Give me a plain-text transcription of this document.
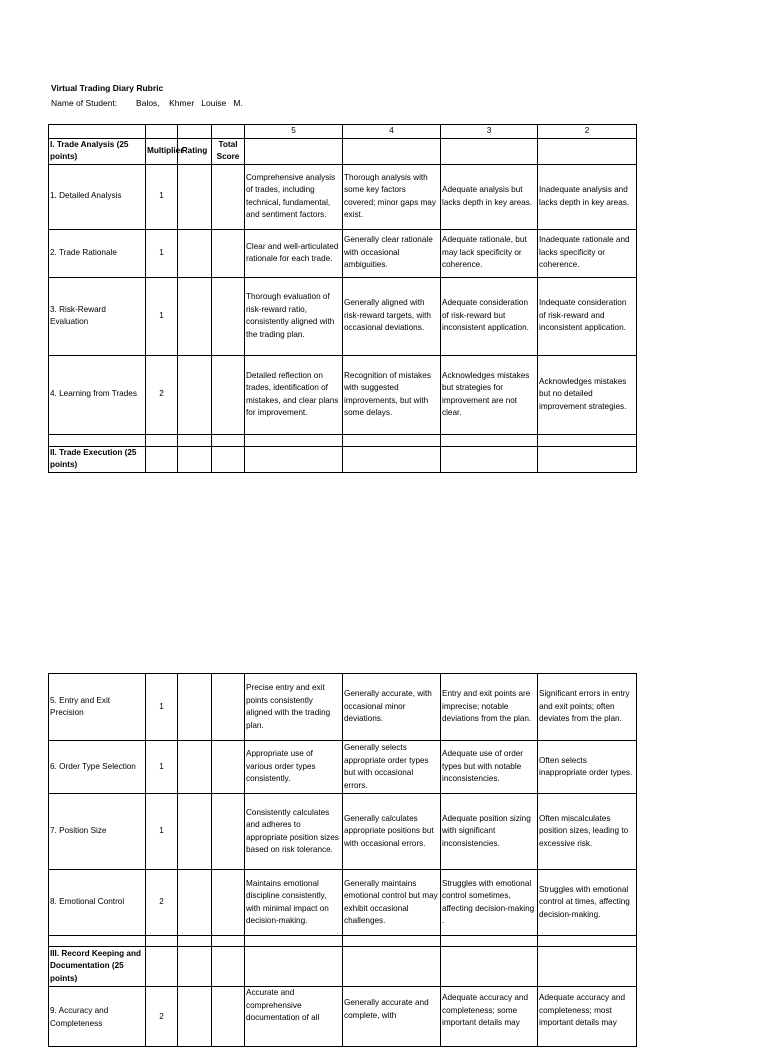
Virtual Trading Diary Rubric
Name of Student:        Balos,    Khmer   Louise   M.
				5	4	3	2
I. Trade Analysis (25 points)	Multiplier	Rating	Total Score				
1. Detailed Analysis	1			Comprehensive analysis of trades, including technical, fundamental, and sentiment factors.	Thorough analysis with some key factors covered; minor gaps may exist.	Adequate analysis but lacks depth in key areas.	Inadequate analysis and lacks depth in key areas.
2. Trade Rationale	1			Clear and well-articulated rationale for each trade.	Generally clear rationale with occasional ambiguities.	Adequate rationale, but may lack specificity or coherence.	Inadequate rationale and lacks specificity or coherence.
3. Risk-Reward Evaluation	1			Thorough evaluation of risk-reward ratio, consistently aligned with the trading plan.	Generally aligned with risk-reward targets, with occasional deviations.	Adequate consideration of risk-reward but inconsistent application.	Indequate consideration of risk-reward and inconsistent application.
4. Learning from Trades	2			Detailed reflection on trades, identification of mistakes, and clear plans for improvement.	Recognition of mistakes with suggested improvements, but with some delays.	Acknowledges mistakes but strategies for improvement are not clear.	Acknowledges mistakes but no detailed improvement strategies.

II. Trade Execution (25 points)							
5. Entry and Exit Precision	1			Precise entry and exit points consistently aligned with the trading plan.	Generally accurate, with occasional minor deviations.	Entry and exit points are imprecise; notable deviations from the plan.	Significant errors in entry and exit points; often deviates from the plan.
6. Order Type Selection	1			Appropriate use of various order types consistently.	Generally selects appropriate order types but with occasional errors.	Adequate use of order types but with notable inconsistencies.	Often selects inappropriate order types.
7. Position Size	1			Consistently calculates and adheres to appropriate position sizes based on risk tolerance.	Generally calculates appropriate positions but with occasional errors.	Adequate position sizing with significant inconsistencies.	Often miscalculates position sizes, leading to excessive risk.
8. Emotional Control	2			Maintains emotional discipline consistently, with minimal impact on decision-making.	Generally maintains emotional control but may exhibit occasional challenges.	Struggles with emotional control sometimes, affecting decision-making .	Struggles with emotional control at times, affecting decision-making.

III. Record Keeping and Documentation (25 points)							
9. Accuracy and Completeness	2			Accurate and comprehensive documentation of all	Generally accurate and complete, with	Adequate accuracy and completeness; some important details may	Adequate accuracy and completeness; most important details may
